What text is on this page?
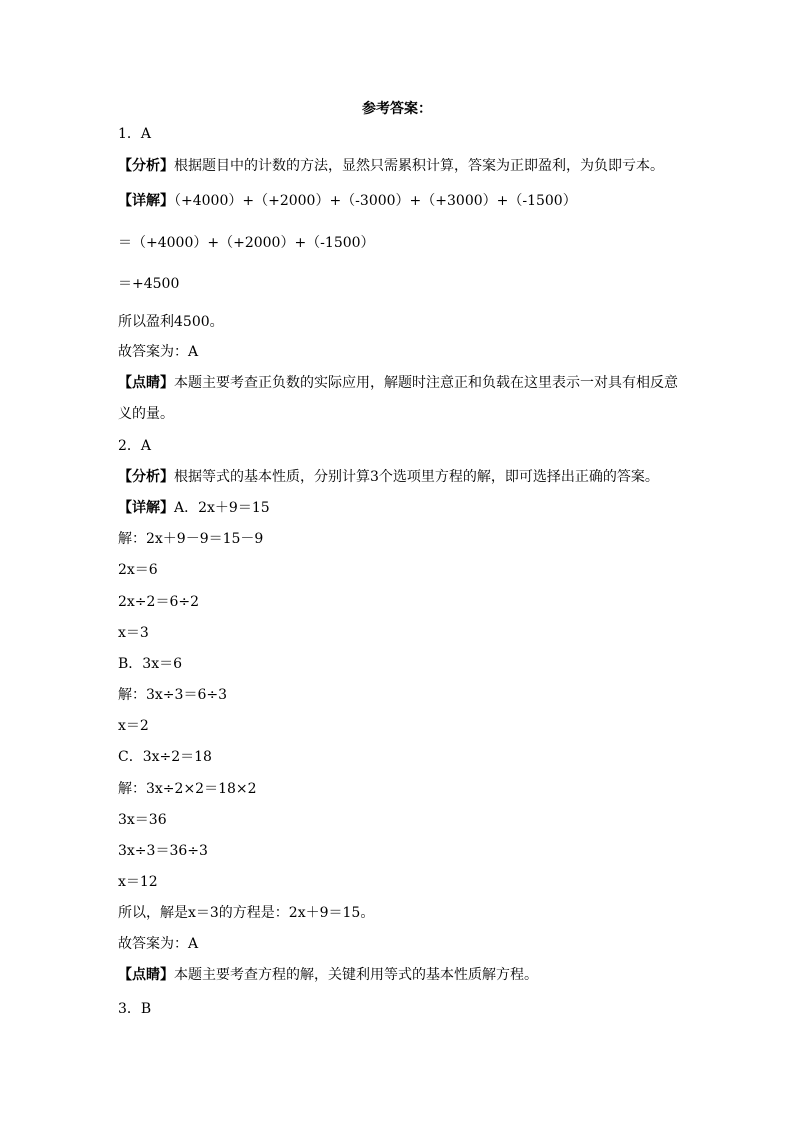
参考答案：
1．A
【分析】根据题目中的计数的方法，显然只需累积计算，答案为正即盈利，为负即亏本。
【详解】（+4000）+（+2000）+（-3000）+（+3000）+（-1500）
＝（+4000）+（+2000）+（-1500）
＝+4500
所以盈利4500。
故答案为：A
【点睛】本题主要考查正负数的实际应用，解题时注意正和负载在这里表示一对具有相反意
义的量。
2．A
【分析】根据等式的基本性质，分别计算3个选项里方程的解，即可选择出正确的答案。
【详解】A．2x＋9＝15
解：2x＋9－9＝15－9
2x＝6
2x÷2＝6÷2
x＝3
B．3x＝6
解：3x÷3＝6÷3
x＝2
C．3x÷2＝18
解：3x÷2×2＝18×2
3x＝36
3x÷3＝36÷3
x＝12
所以，解是x＝3的方程是：2x＋9＝15。
故答案为：A
【点睛】本题主要考查方程的解，关键利用等式的基本性质解方程。
3．B
